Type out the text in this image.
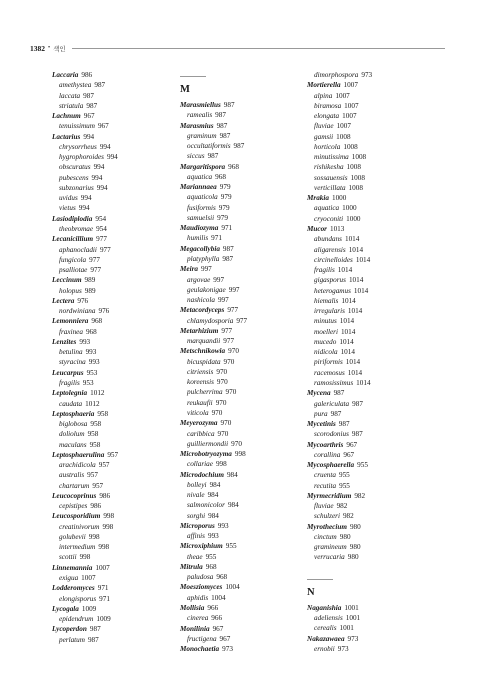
1382 • 색인
Laccaria 986
amethystea 987
laccata 987
striatula 987
Lachnum 967
tenuissimum 967
Lactarius 994
chrysorrheus 994
hygrophoroides 994
obscuratus 994
pubescens 994
subzonarius 994
uvidus 994
vietus 994
Lasiodiplodia 954
theobromae 954
Lecanicillium 977
aphanocladii 977
fungicola 977
psalliotae 977
Leccinum 989
holopus 989
Lectera 976
nordwiniana 976
Lemonniera 968
fraxinea 968
Lenzites 993
betulina 993
styracina 993
Leucarpus 953
fragilis 953
Leptolegnia 1012
caudata 1012
Leptosphaeria 958
biglobosa 958
doliolum 958
maculans 958
Leptosphaerulina 957
arachidicola 957
australis 957
chartarum 957
Leucocoprinus 986
cepistipes 986
Leucosporidium 998
creatinivorum 998
golubevii 998
intermedium 998
scottii 998
Linnemannia 1007
exigua 1007
Lodderomyces 971
elongisporus 971
Lycogala 1009
epidendrum 1009
Lycoperdon 987
perlatum 987
M
Marasmiellus 987
ramealis 987
Marasmius 987
graminum 987
occultatiformis 987
siccus 987
Margaritispora 968
aquatica 968
Mariannaea 979
aquaticola 979
fusiformis 979
samuelsii 979
Maudiozyma 971
humilis 971
Megacollybia 987
platyphylla 987
Meira 997
argovae 997
geulakonigae 997
nashicola 997
Metacordyceps 977
chlamydosporia 977
Metarhizium 977
marquandii 977
Metschnikowia 970
bicuspidata 970
citriensis 970
koreensis 970
pulcherrima 970
reukaufii 970
viticola 970
Meyerozyma 970
caribbica 970
guilliermondii 970
Microbotryozyma 998
collariae 998
Microdochium 984
bolleyi 984
nivale 984
salmonicolor 984
sorghi 984
Microporus 993
affinis 993
Microxiphium 955
theae 955
Mitrula 968
paludosa 968
Moesziomyces 1004
aphidis 1004
Mollisia 966
cinerea 966
Monilinia 967
fructigena 967
Monochaetia 973
dimorphospora 973
Mortierella 1007
alpina 1007
biramosa 1007
elongata 1007
fluviae 1007
gamsii 1008
horticola 1008
minutissima 1008
rishikesha 1008
sossauensis 1008
verticillata 1008
Mrakia 1000
aquatica 1000
cryoconiti 1000
Mucor 1013
abundans 1014
aligarensis 1014
circinelloides 1014
fragilis 1014
gigasporus 1014
heterogamus 1014
hiemalis 1014
irregularis 1014
minutus 1014
moelleri 1014
mucedo 1014
nidicola 1014
piriformis 1014
racemosus 1014
ramosissimus 1014
Mycena 987
galericulata 987
pura 987
Mycetinis 987
scorodonius 987
Mycoarthris 967
corallina 967
Mycosphaerella 955
cruenta 955
recutita 955
Myrmecridium 982
fluviae 982
schulzeri 982
Myrothecium 980
cinctum 980
gramineum 980
verrucaria 980
N
Naganishia 1001
adeliensis 1001
cerealis 1001
Nakazawaea 973
ernobii 973
